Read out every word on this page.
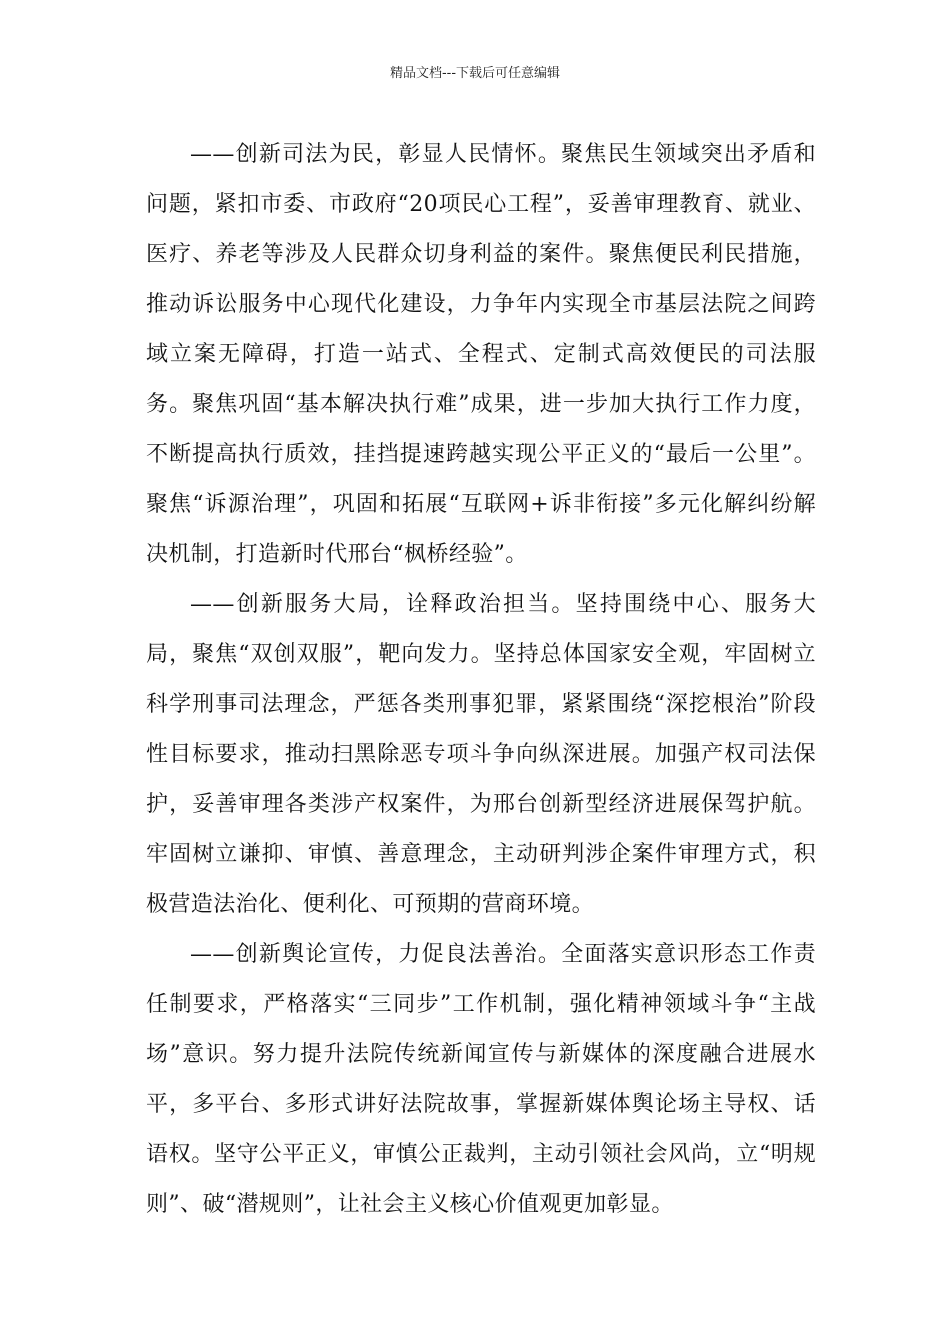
精品文档---下载后可任意编辑

——创新司法为民，彰显人民情怀。聚焦民生领域突出矛盾和问题，紧扣市委、市政府“20项民心工程”，妥善审理教育、就业、医疗、养老等涉及人民群众切身利益的案件。聚焦便民利民措施，推动诉讼服务中心现代化建设，力争年内实现全市基层法院之间跨域立案无障碍，打造一站式、全程式、定制式高效便民的司法服务。聚焦巩固“基本解决执行难”成果，进一步加大执行工作力度，不断提高执行质效，挂挡提速跨越实现公平正义的“最后一公里”。聚焦“诉源治理”，巩固和拓展“互联网+诉非衔接”多元化解纠纷解决机制，打造新时代邢台“枫桥经验”。

——创新服务大局，诠释政治担当。坚持围绕中心、服务大局，聚焦“双创双服”，靶向发力。坚持总体国家安全观，牢固树立科学刑事司法理念，严惩各类刑事犯罪，紧紧围绕“深挖根治”阶段性目标要求，推动扫黑除恶专项斗争向纵深进展。加强产权司法保护，妥善审理各类涉产权案件，为邢台创新型经济进展保驾护航。牢固树立谦抑、审慎、善意理念，主动研判涉企案件审理方式，积极营造法治化、便利化、可预期的营商环境。

——创新舆论宣传，力促良法善治。全面落实意识形态工作责任制要求，严格落实“三同步”工作机制，强化精神领域斗争“主战场”意识。努力提升法院传统新闻宣传与新媒体的深度融合进展水平，多平台、多形式讲好法院故事，掌握新媒体舆论场主导权、话语权。坚守公平正义，审慎公正裁判，主动引领社会风尚，立“明规则”、破“潜规则”，让社会主义核心价值观更加彰显。
